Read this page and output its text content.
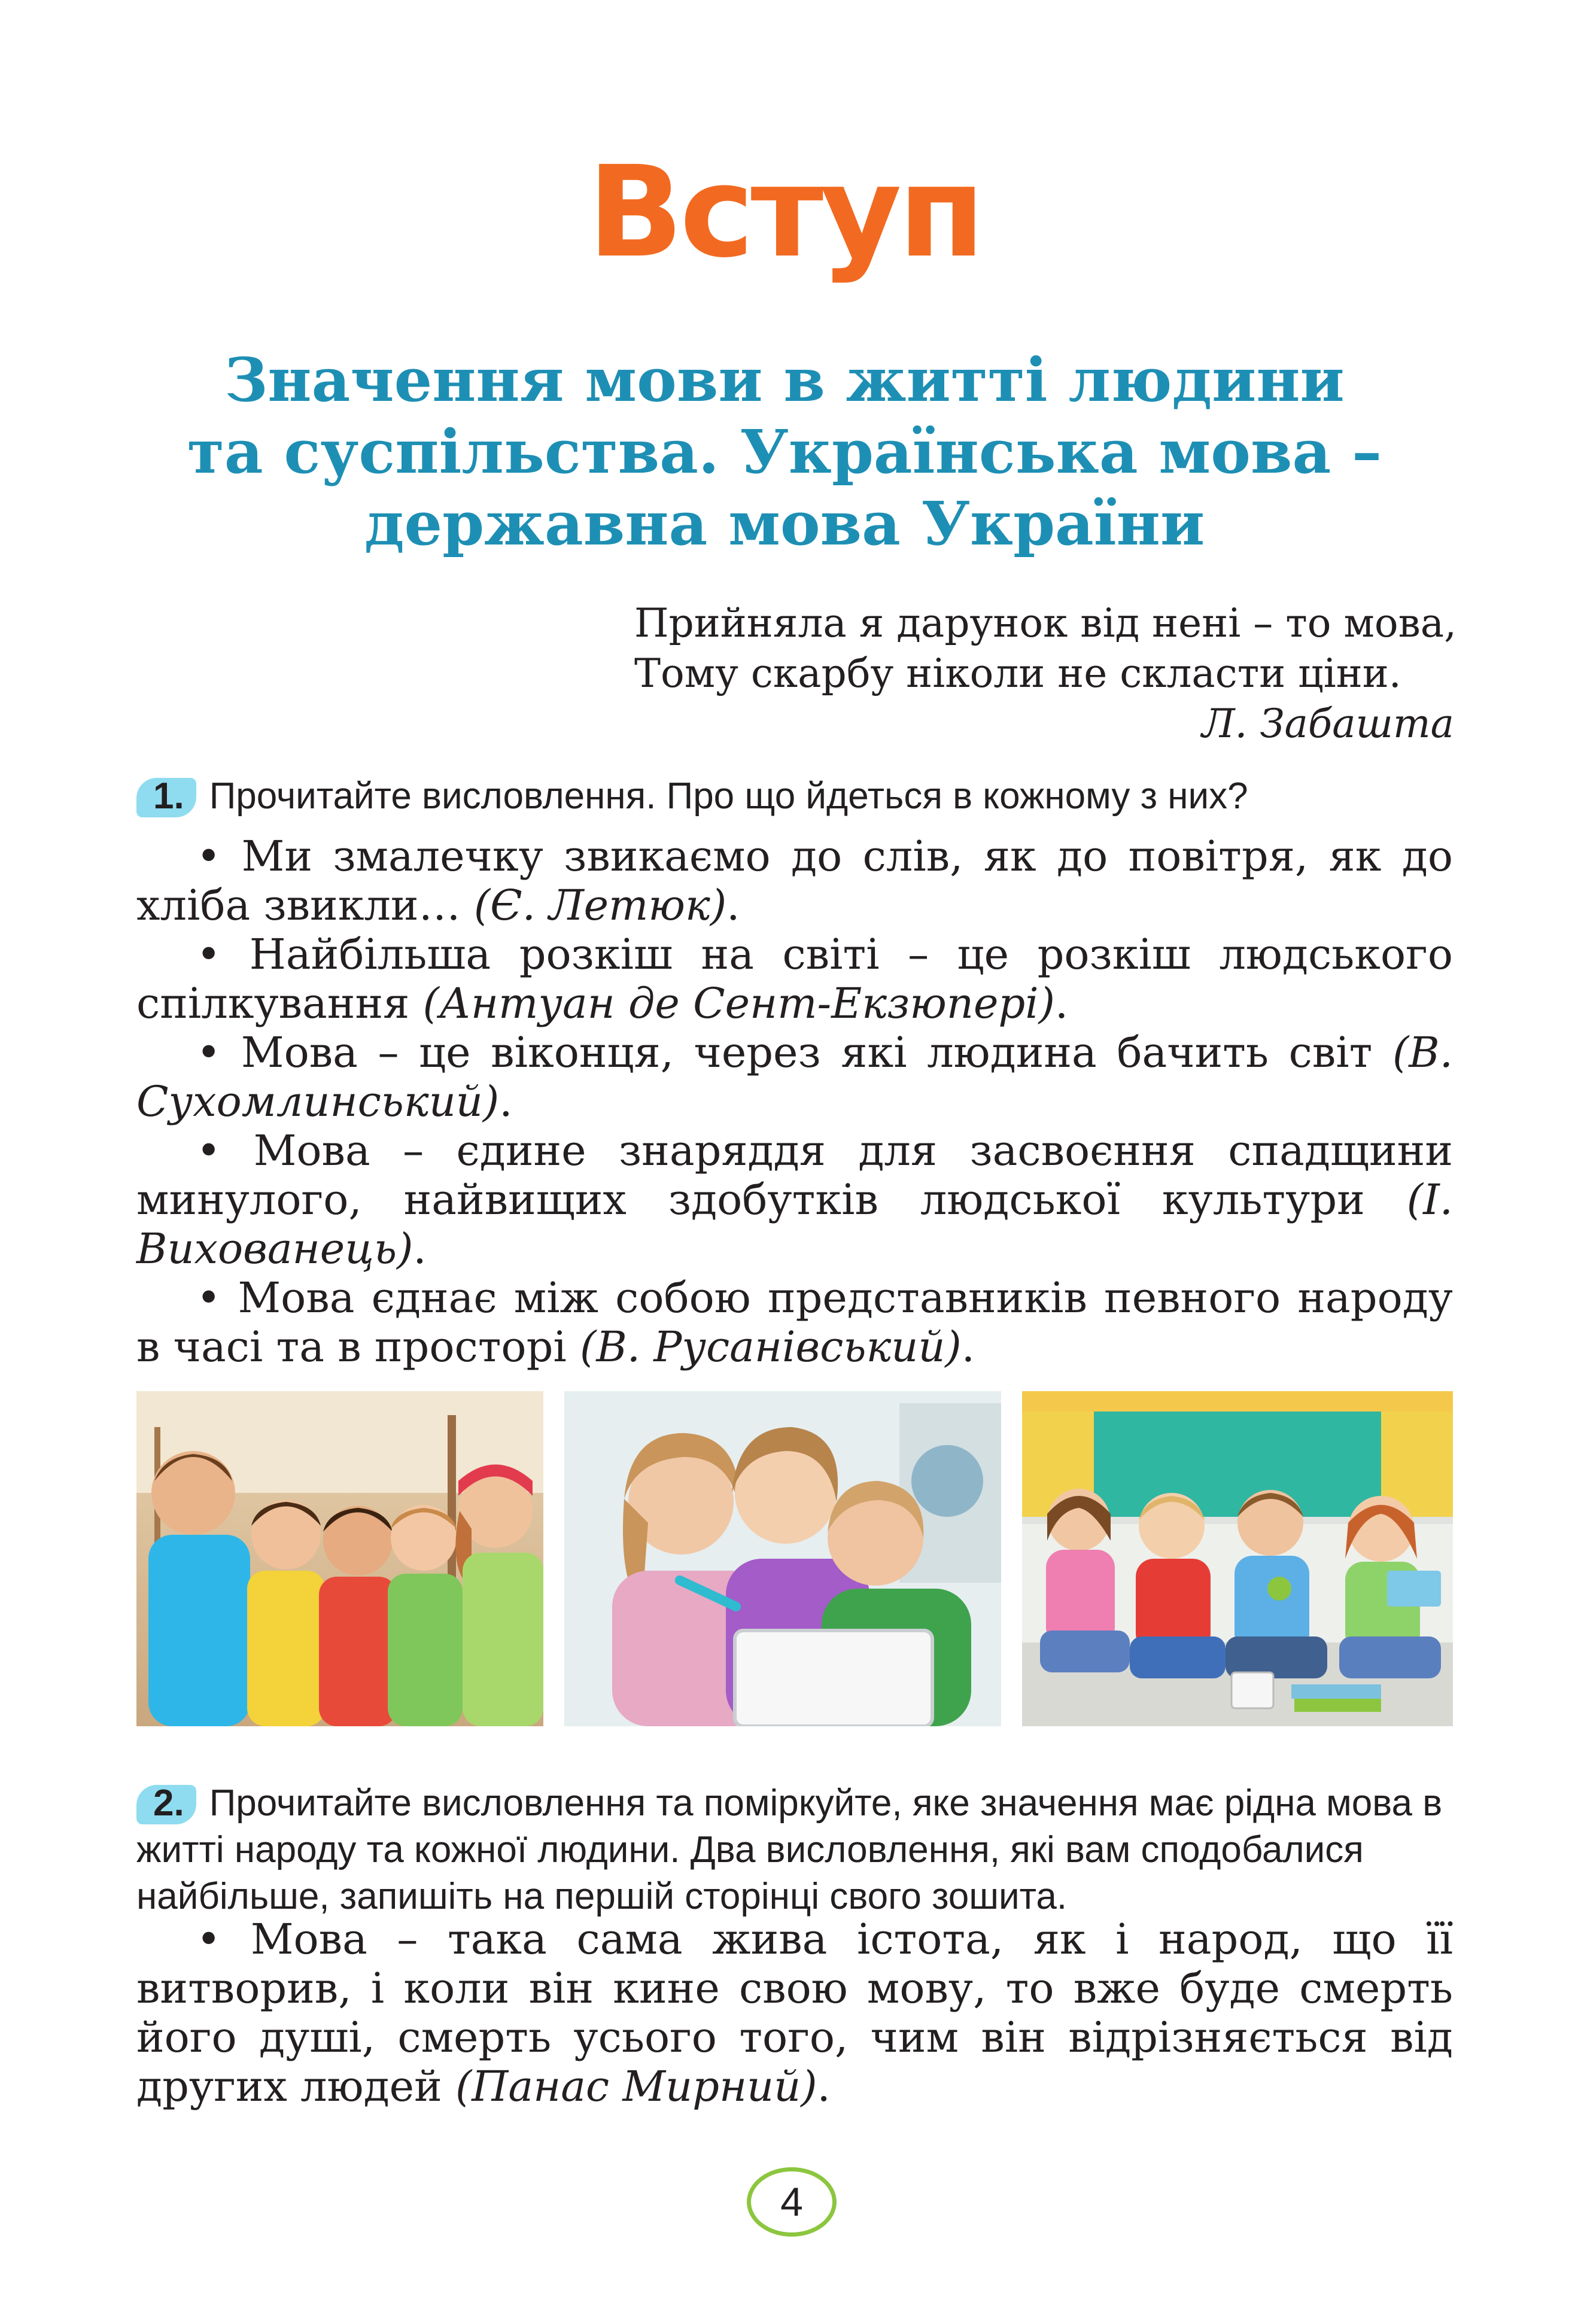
Вступ
Значення мови в житті людини
та суспільства. Українська мова –
державна мова України
Прийняла я дарунок від нені – то мова,
Тому скарбу ніколи не скласти ціни.
Л. Забашта
1. Прочитайте висловлення. Про що йдеться в кожному з них?

• Ми змалечку звикаємо до слів, як до повітря, як до хліба звикли… (Є. Летюк).

• Найбільша розкіш на світі – це розкіш людського спілкування (Антуан де Сент-Екзюпері).

• Мова – це віконця, через які людина бачить світ (В. Сухомлинський).

• Мова – єдине знаряддя для засвоєння спадщини минулого, найвищих здобутків людської культури (І. Вихованець).

• Мова єднає між собою представників певного народу в часі та в просторі (В. Русанівський).

2. Прочитайте висловлення та поміркуйте, яке значення має рідна мова в житті народу та кожної людини. Два висловлення, які вам сподобалися найбільше, запишіть на першій сторінці свого зошита.

• Мова – така сама жива істота, як і народ, що її витворив, і коли він кине свою мову, то вже буде смерть його душі, смерть усього того, чим він відрізняється від других людей (Панас Мирний).

4
